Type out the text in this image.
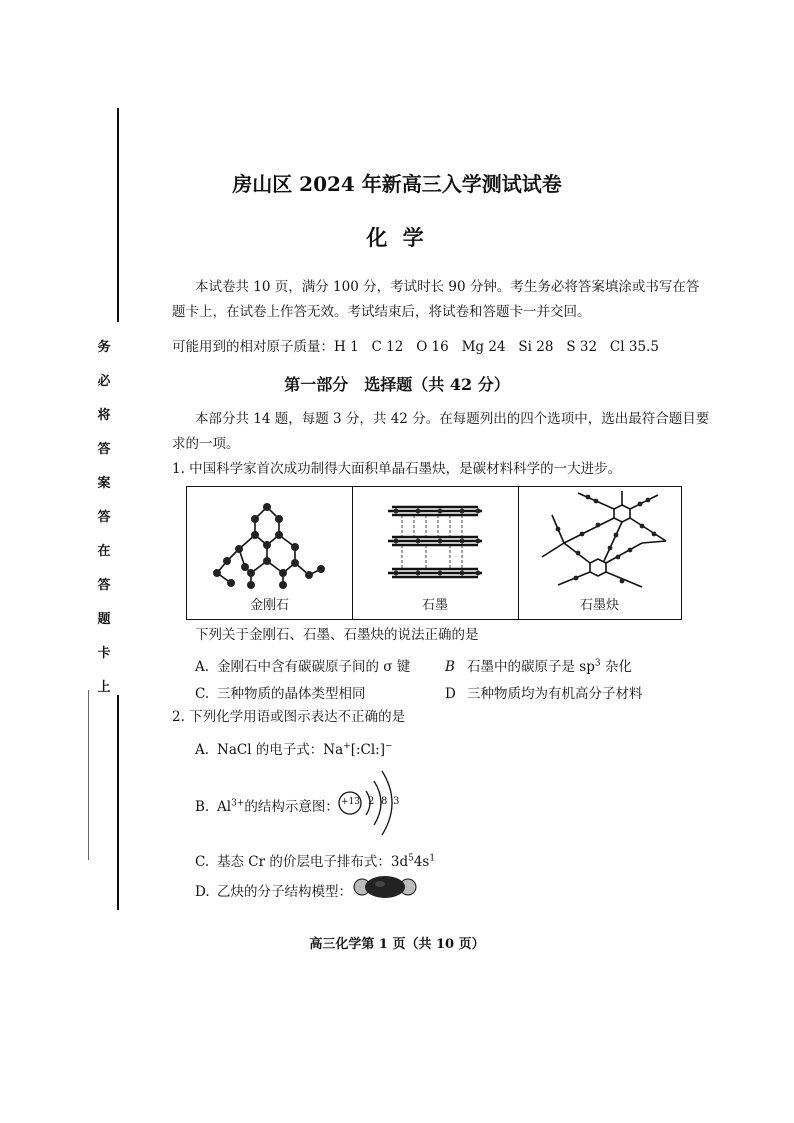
务
必
将
答
案
答
在
答
题
卡
上
房山区 2024 年新高三入学测试试卷
化 学
本试卷共 10 页，满分 100 分，考试时长 90 分钟。考生务必将答案填涂或书写在答
题卡上，在试卷上作答无效。考试结束后，将试卷和答题卡一并交回。
可能用到的相对原子质量：H 1   C 12   O 16   Mg 24   Si 28   S 32   Cl 35.5
第一部分　选择题（共 42 分）
本部分共 14 题，每题 3 分，共 42 分。在每题列出的四个选项中，选出最符合题目要
求的一项。
1. 中国科学家首次成功制得大面积单晶石墨炔，是碳材料科学的一大进步。
金刚石	石墨	石墨炔
下列关于金刚石、石墨、石墨炔的说法正确的是
A. 金刚石中含有碳碳原子间的 σ 键	B 石墨中的碳原子是 $sp^3$ 杂化
C. 三种物质的晶体类型相同	D 三种物质均为有机高分子材料
2. 下列化学用语或图示表达不正确的是
A. NaCl 的电子式：Na+[:Cl:]−
B. $Al^{3+}$的结构示意图： +13 2 8 3
C. 基态 Cr 的价层电子排布式：$3d^54s^1$
D. 乙炔的分子结构模型：
高三化学第 1 页（共 10 页）
